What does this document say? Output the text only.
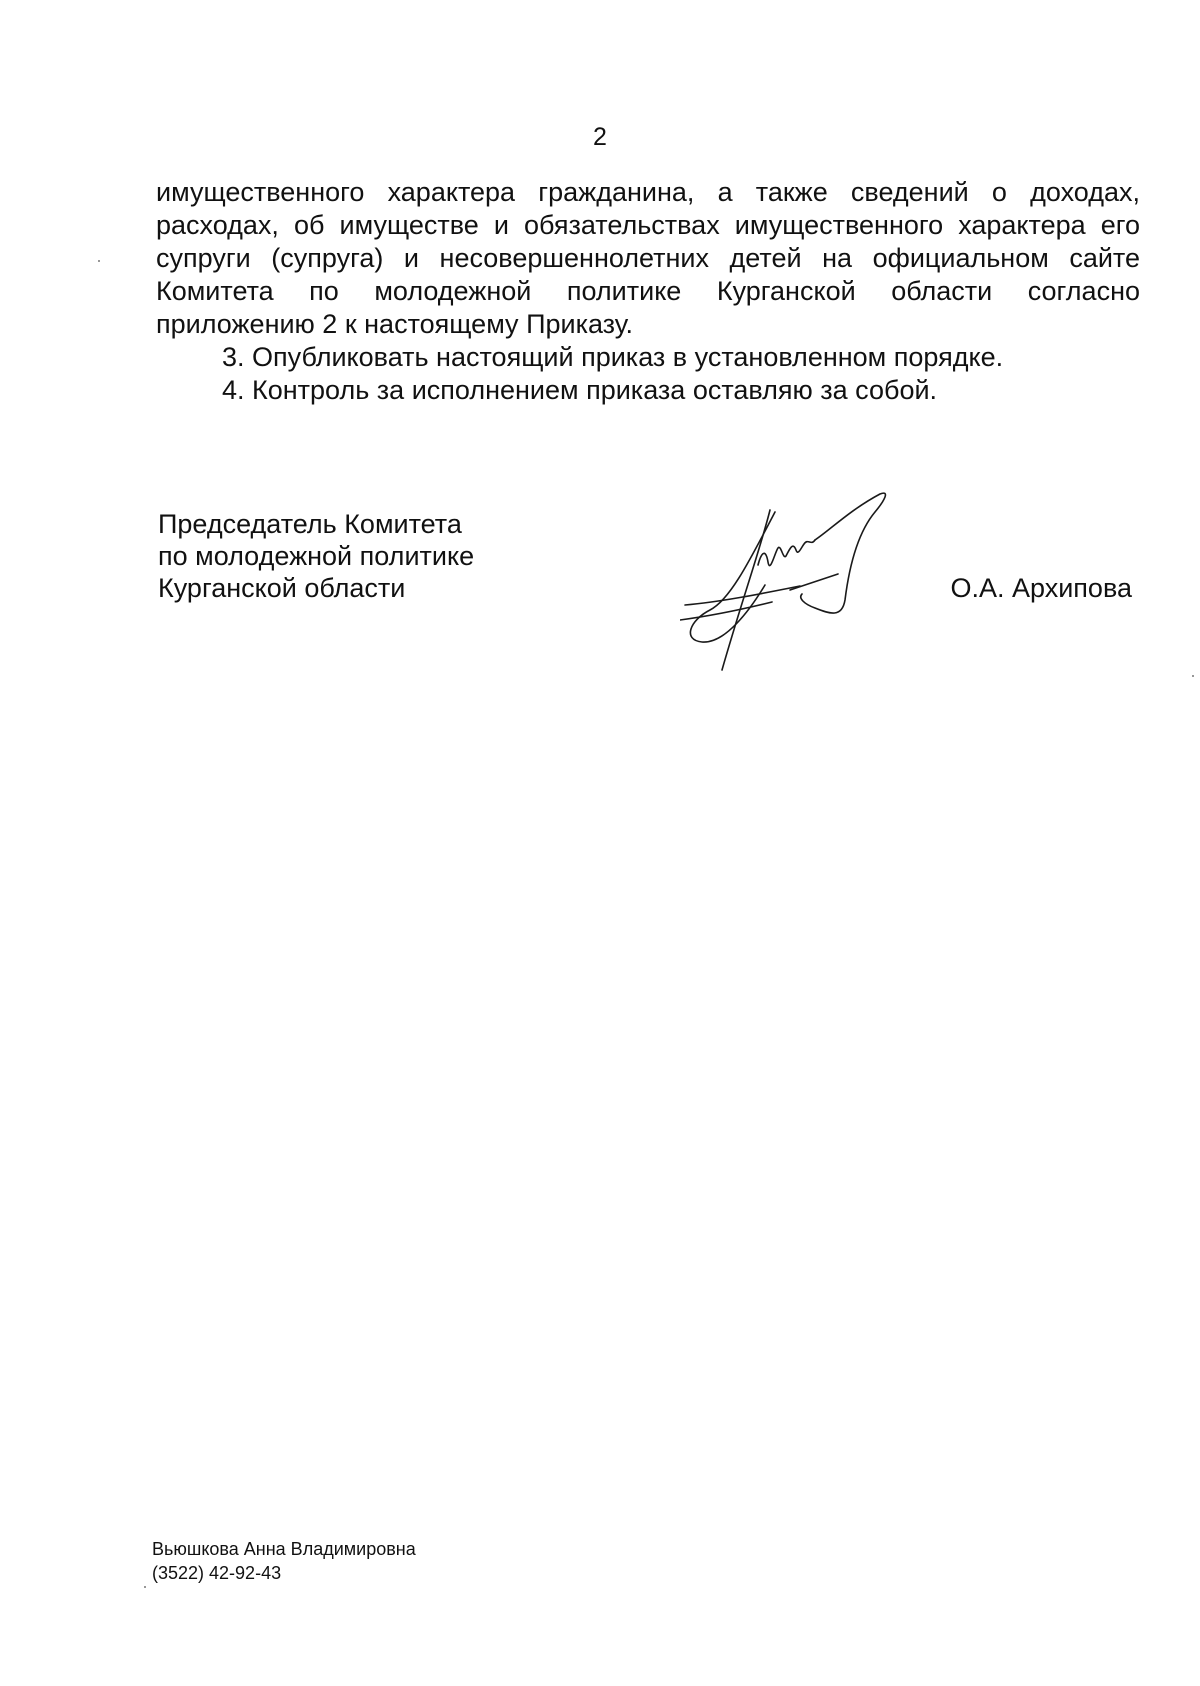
2
имущественного характера гражданина, а также сведений о доходах,
расходах, об имуществе и обязательствах имущественного характера его
супруги (супруга) и несовершеннолетних детей на официальном сайте
Комитета по молодежной политике Курганской области согласно
приложению 2 к настоящему Приказу.
3. Опубликовать настоящий приказ в установленном порядке.
4. Контроль за исполнением приказа оставляю за собой.
Председатель Комитета
по молодежной политике
Курганской области	О.А. Архипова
Вьюшкова Анна Владимировна
(3522) 42-92-43
